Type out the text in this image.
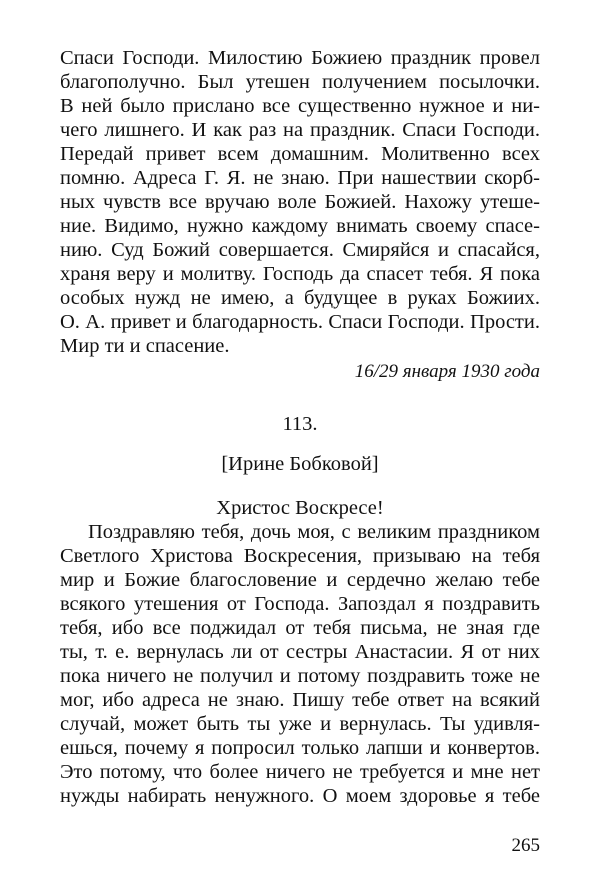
Спаси Господи. Милостию Божиею праздник провел
благополучно. Был утешен получением посылочки.
В ней было прислано все существенно нужное и ни-
чего лишнего. И как раз на праздник. Спаси Господи.
Передай привет всем домашним. Молитвенно всех
помню. Адреса Г. Я. не знаю. При нашествии скорб-
ных чувств все вручаю воле Божией. Нахожу утеше-
ние. Видимо, нужно каждому внимать своему спасе-
нию. Суд Божий совершается. Смиряйся и спасайся,
храня веру и молитву. Господь да спасет тебя. Я пока
особых нужд не имею, а будущее в руках Божиих.
О. А. привет и благодарность. Спаси Господи. Прости.
Мир ти и спасение.
16/29 января 1930 года
113.
[Ирине Бобковой]
Христос Воскресе!
Поздравляю тебя, дочь моя, с великим праздником
Светлого Христова Воскресения, призываю на тебя
мир и Божие благословение и сердечно желаю тебе
всякого утешения от Господа. Запоздал я поздравить
тебя, ибо все поджидал от тебя письма, не зная где
ты, т. е. вернулась ли от сестры Анастасии. Я от них
пока ничего не получил и потому поздравить тоже не
мог, ибо адреса не знаю. Пишу тебе ответ на всякий
случай, может быть ты уже и вернулась. Ты удивля-
ешься, почему я попросил только лапши и конвертов.
Это потому, что более ничего не требуется и мне нет
нужды набирать ненужного. О моем здоровье я тебе
265
